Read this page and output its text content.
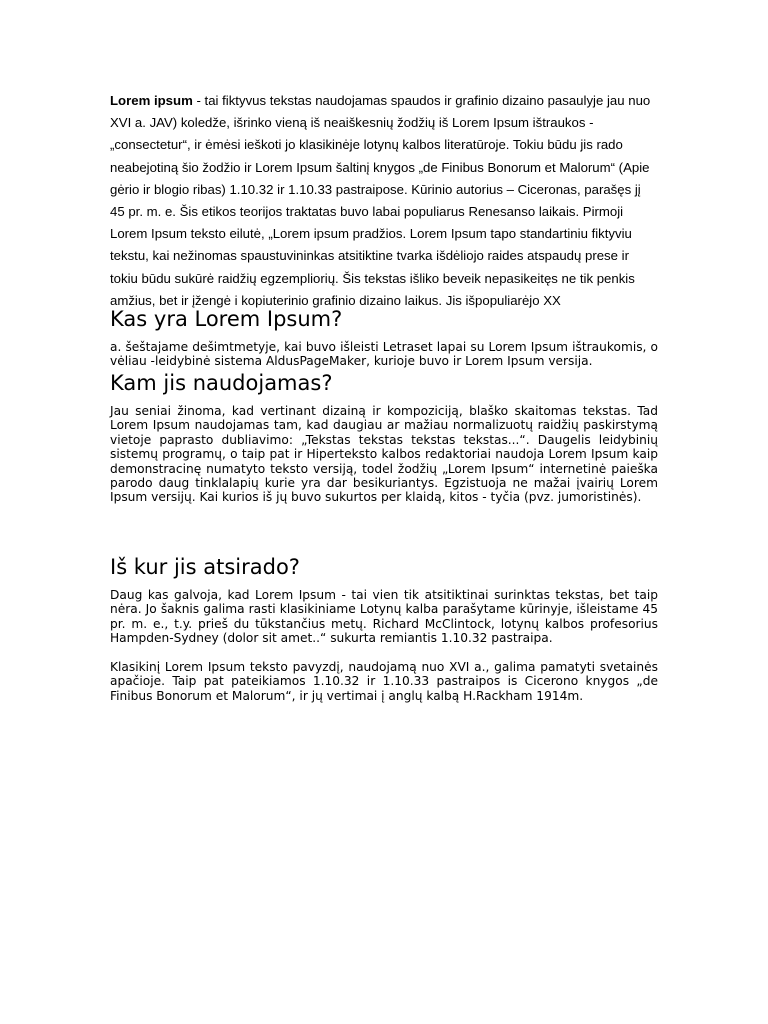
Lorem ipsum - tai fiktyvus tekstas naudojamas spaudos ir grafinio dizaino pasaulyje jau nuo XVI a. JAV) koledže, išrinko vieną iš neaiškesnių žodžių iš Lorem Ipsum ištraukos - „consectetur“, ir ėmėsi ieškoti jo klasikinėje lotynų kalbos literatūroje. Tokiu būdu jis rado neabejotiną šio žodžio ir Lorem Ipsum šaltinį knygos „de Finibus Bonorum et Malorum“ (Apie gėrio ir blogio ribas) 1.10.32 ir 1.10.33 pastraipose. Kūrinio autorius – Ciceronas, parašęs jį 45 pr. m. e. Šis etikos teorijos traktatas buvo labai populiarus Renesanso laikais. Pirmoji Lorem Ipsum teksto eilutė, „Lorem ipsum pradžios. Lorem Ipsum tapo standartiniu fiktyviu tekstu, kai nežinomas spaustuvininkas atsitiktine tvarka išdėliojo raides atspaudų prese ir tokiu būdu sukūrė raidžių egzempliorių. Šis tekstas išliko beveik nepasikeitęs ne tik penkis amžius, bet ir įžengė i kopiuterinio grafinio dizaino laikus. Jis išpopuliarėjo XX

Kas yra Lorem Ipsum?

a. šeštajame dešimtmetyje, kai buvo išleisti Letraset lapai su Lorem Ipsum ištraukomis, o vėliau -leidybinė sistema AldusPageMaker, kurioje buvo ir Lorem Ipsum versija.

Kam jis naudojamas?

Jau seniai žinoma, kad vertinant dizainą ir kompoziciją, blaško skaitomas tekstas. Tad Lorem Ipsum naudojamas tam, kad daugiau ar mažiau normalizuotų raidžių paskirstymą vietoje paprasto dubliavimo: „Tekstas tekstas tekstas tekstas...“. Daugelis leidybinių sistemų programų, o taip pat ir Hiperteksto kalbos redaktoriai naudoja Lorem Ipsum kaip demonstracinę numatyto teksto versiją, todel žodžių „Lorem Ipsum“ internetinė paieška parodo daug tinklalapių kurie yra dar besikuriantys. Egzistuoja ne mažai įvairių Lorem Ipsum versijų. Kai kurios iš jų buvo sukurtos per klaidą, kitos - tyčia (pvz. jumoristinės).

Iš kur jis atsirado?

Daug kas galvoja, kad Lorem Ipsum - tai vien tik atsitiktinai surinktas tekstas, bet taip nėra. Jo šaknis galima rasti klasikiniame Lotynų kalba parašytame kūrinyje, išleistame 45 pr. m. e., t.y. prieš du tūkstančius metų. Richard McClintock, lotynų kalbos profesorius Hampden-Sydney (dolor sit amet..“ sukurta remiantis 1.10.32 pastraipa.

Klasikinį Lorem Ipsum teksto pavyzdį, naudojamą nuo XVI a., galima pamatyti svetainės apačioje. Taip pat pateikiamos 1.10.32 ir 1.10.33 pastraipos is Cicerono knygos „de Finibus Bonorum et Malorum“, ir jų vertimai į anglų kalbą H.Rackham 1914m.
